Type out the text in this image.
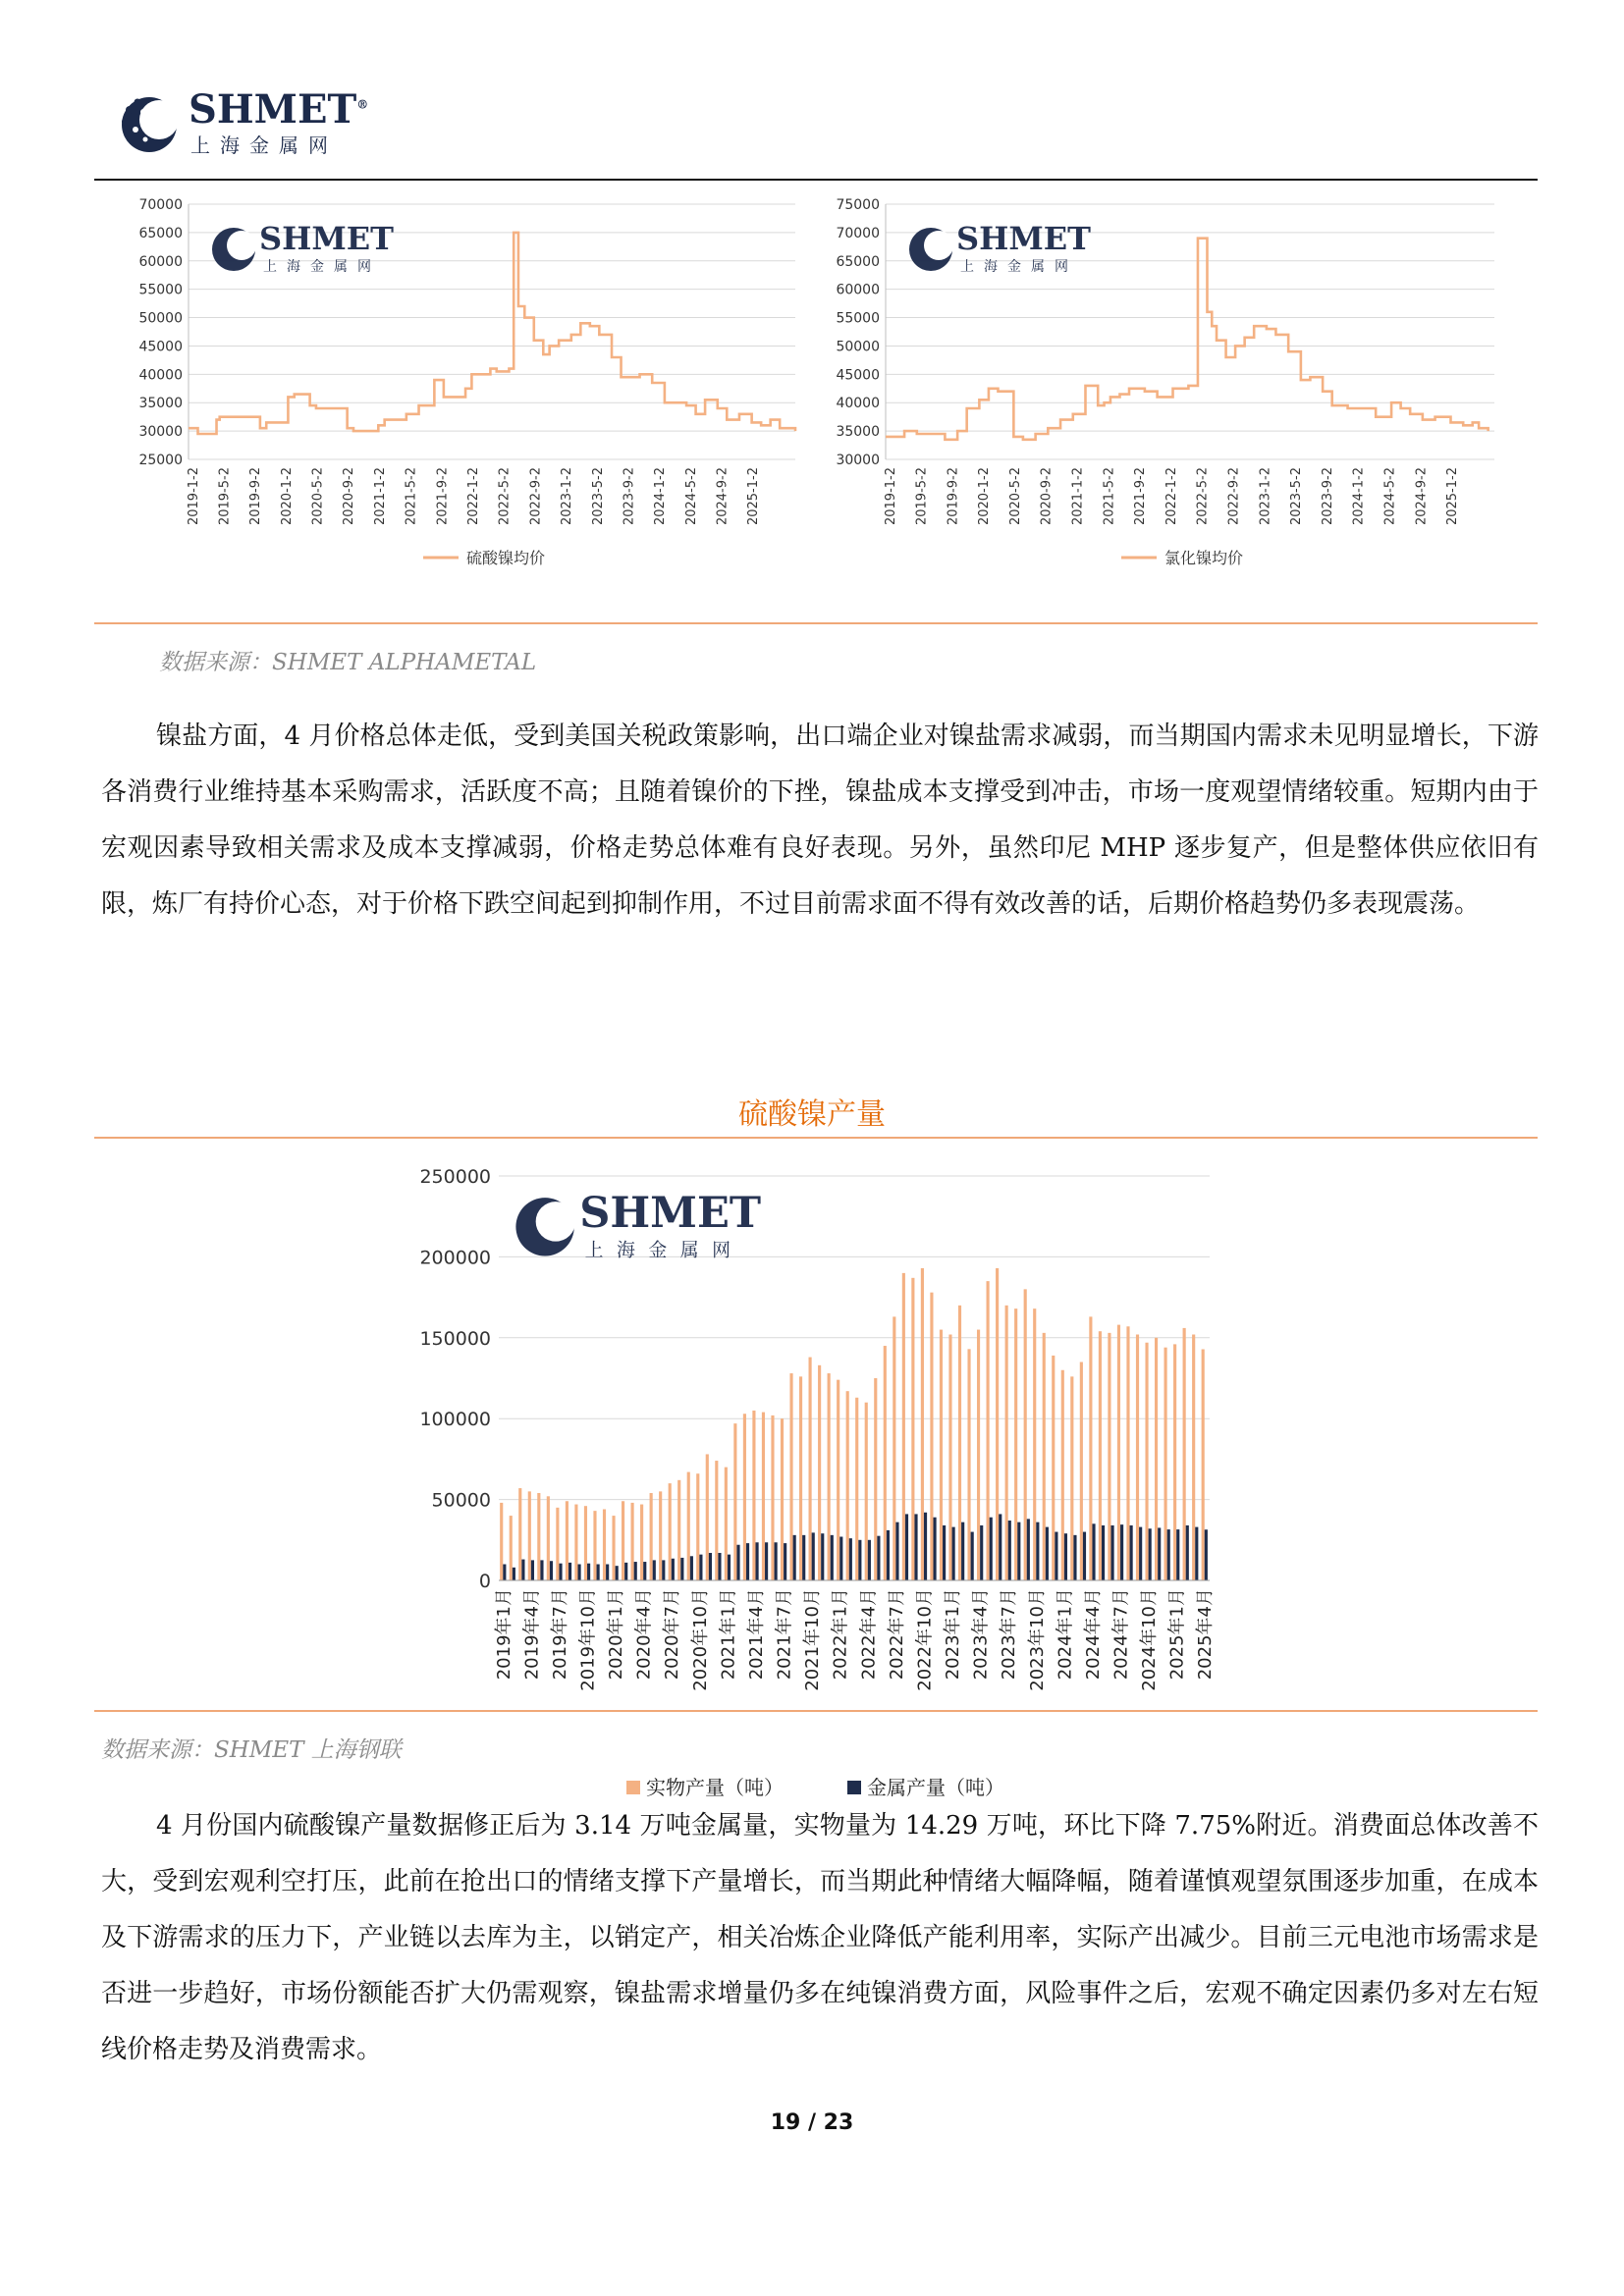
SHMET®
上海金属网
70000
65000
60000
55000
50000
45000
40000
35000
30000
25000
2019-1-2 2019-5-2 2019-9-2 2020-1-2 2020-5-2 2020-9-2 2021-1-2 2021-5-2 2021-9-2 2022-1-2 2022-5-2 2022-9-2 2023-1-2 2023-5-2 2023-9-2 2024-1-2 2024-5-2 2024-9-2 2025-1-2
SHMET
上海金属网
硫酸镍均价
75000
70000
65000
60000
55000
50000
45000
40000
35000
30000
2019-1-2 2019-5-2 2019-9-2 2020-1-2 2020-5-2 2020-9-2 2021-1-2 2021-5-2 2021-9-2 2022-1-2 2022-5-2 2022-9-2 2023-1-2 2023-5-2 2023-9-2 2024-1-2 2024-5-2 2024-9-2 2025-1-2
SHMET
上海金属网
氯化镍均价
数据来源：SHMET ALPHAMETAL

镍盐方面，4 月价格总体走低，受到美国关税政策影响，出口端企业对镍盐需求减弱，而当期国内需求未见明显增长，下游各消费行业维持基本采购需求，活跃度不高；且随着镍价的下挫，镍盐成本支撑受到冲击，市场一度观望情绪较重。短期内由于宏观因素导致相关需求及成本支撑减弱，价格走势总体难有良好表现。另外，虽然印尼 MHP 逐步复产，但是整体供应依旧有限，炼厂有持价心态，对于价格下跌空间起到抑制作用，不过目前需求面不得有效改善的话，后期价格趋势仍多表现震荡。

硫酸镍产量
250000
200000
150000
100000
50000
0
2019年1月 2019年4月 2019年7月 2019年10月 2020年1月 2020年4月 2020年7月 2020年10月 2021年1月 2021年4月 2021年7月 2021年10月 2022年1月 2022年4月 2022年7月 2022年10月 2023年1月 2023年4月 2023年7月 2023年10月 2024年1月 2024年4月 2024年7月 2024年10月 2025年1月 2025年4月
SHMET
上海金属网
实物产量（吨）	金属产量（吨）
数据来源：SHMET 上海钢联

4 月份国内硫酸镍产量数据修正后为 3.14 万吨金属量，实物量为 14.29 万吨，环比下降 7.75%附近。消费面总体改善不大，受到宏观利空打压，此前在抢出口的情绪支撑下产量增长，而当期此种情绪大幅降幅，随着谨慎观望氛围逐步加重，在成本及下游需求的压力下，产业链以去库为主，以销定产，相关冶炼企业降低产能利用率，实际产出减少。目前三元电池市场需求是否进一步趋好，市场份额能否扩大仍需观察，镍盐需求增量仍多在纯镍消费方面，风险事件之后，宏观不确定因素仍多对左右短线价格走势及消费需求。

19 / 23
